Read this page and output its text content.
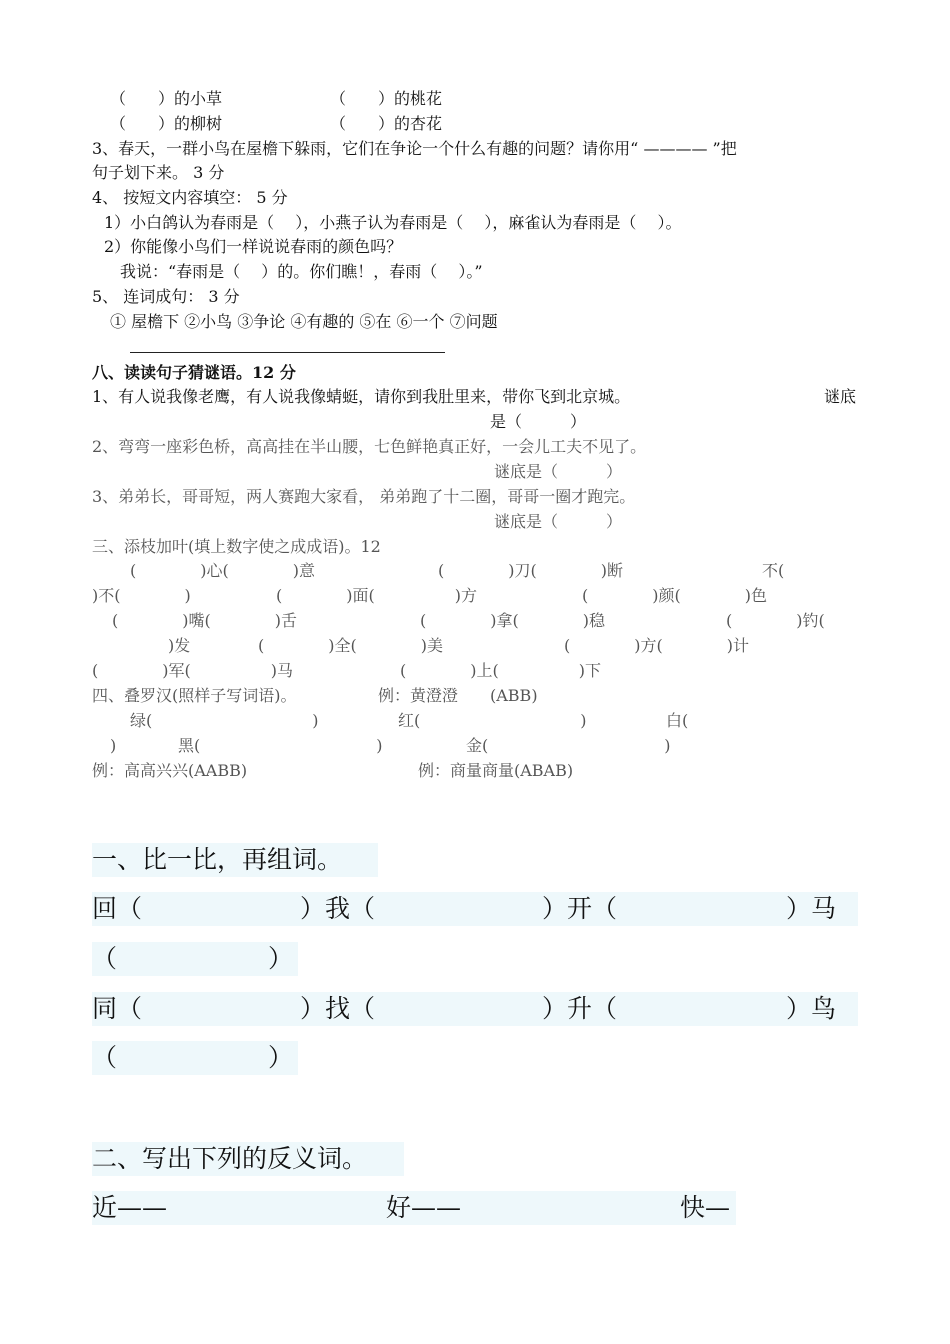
（　　）的小草	（　　）的桃花
（　　）的柳树	（　　）的杏花
3、春天，一群小鸟在屋檐下躲雨，它们在争论一个什么有趣的问题？请你用“ ———— ”把
句子划下来。 3 分
4、 按短文内容填空： 5 分
1）小白鸽认为春雨是（　 ），小燕子认为春雨是（　 ），麻雀认为春雨是（　 ）。
2）你能像小鸟们一样说说春雨的颜色吗？
我说：“春雨是（　 ）的。你们瞧！，春雨（　 ）。”
5、 连词成句： 3 分
① 屋檐下 ②小鸟 ③争论 ④有趣的 ⑤在 ⑥一个 ⑦问题
八、读读句子猜谜语。12 分
1、有人说我像老鹰，有人说我像蜻蜓，请你到我肚里来，带你飞到北京城。	谜底
是（　　　）
2、弯弯一座彩色桥，高高挂在半山腰，七色鲜艳真正好，一会儿工夫不见了。
谜底是（　　　）
3、弟弟长，哥哥短，两人赛跑大家看， 弟弟跑了十二圈，哥哥一圈才跑完。
谜底是（　　　）
三、添枝加叶(填上数字使之成成语)。12
(　　　　)心(　　　　)意	(　　　　)刀(　　　　)断	不(
)不(　　　　)	(　　　　)面(　　　　　)方	(　　　　)颜(　　　　)色
(　　　　)嘴(　　　　)舌	(　　　　)拿(　　　　)稳	(　　　　)钓(
)发	(　　　　)全(　　　　)美	(　　　　)方(　　　　)计
(　　　　)军(　　　　　)马	(　　　　)上(　　　　　)下
四、叠罗汉(照样子写词语)。	例：黄澄澄　　(ABB)
绿(　　　　　　　　　　)	红(　　　　　　　　　　)	白(
)	黑(　　　　　　　　　　　)	金(　　　　　　　　　　　)
例：高高兴兴(AABB)	例：商量商量(ABAB)
一、比一比，再组词。
回（	）我（	）开（	）马
（	）
同（	）找（	）升（	）鸟
（	）
二、写出下列的反义词。
近——	好——	快—
